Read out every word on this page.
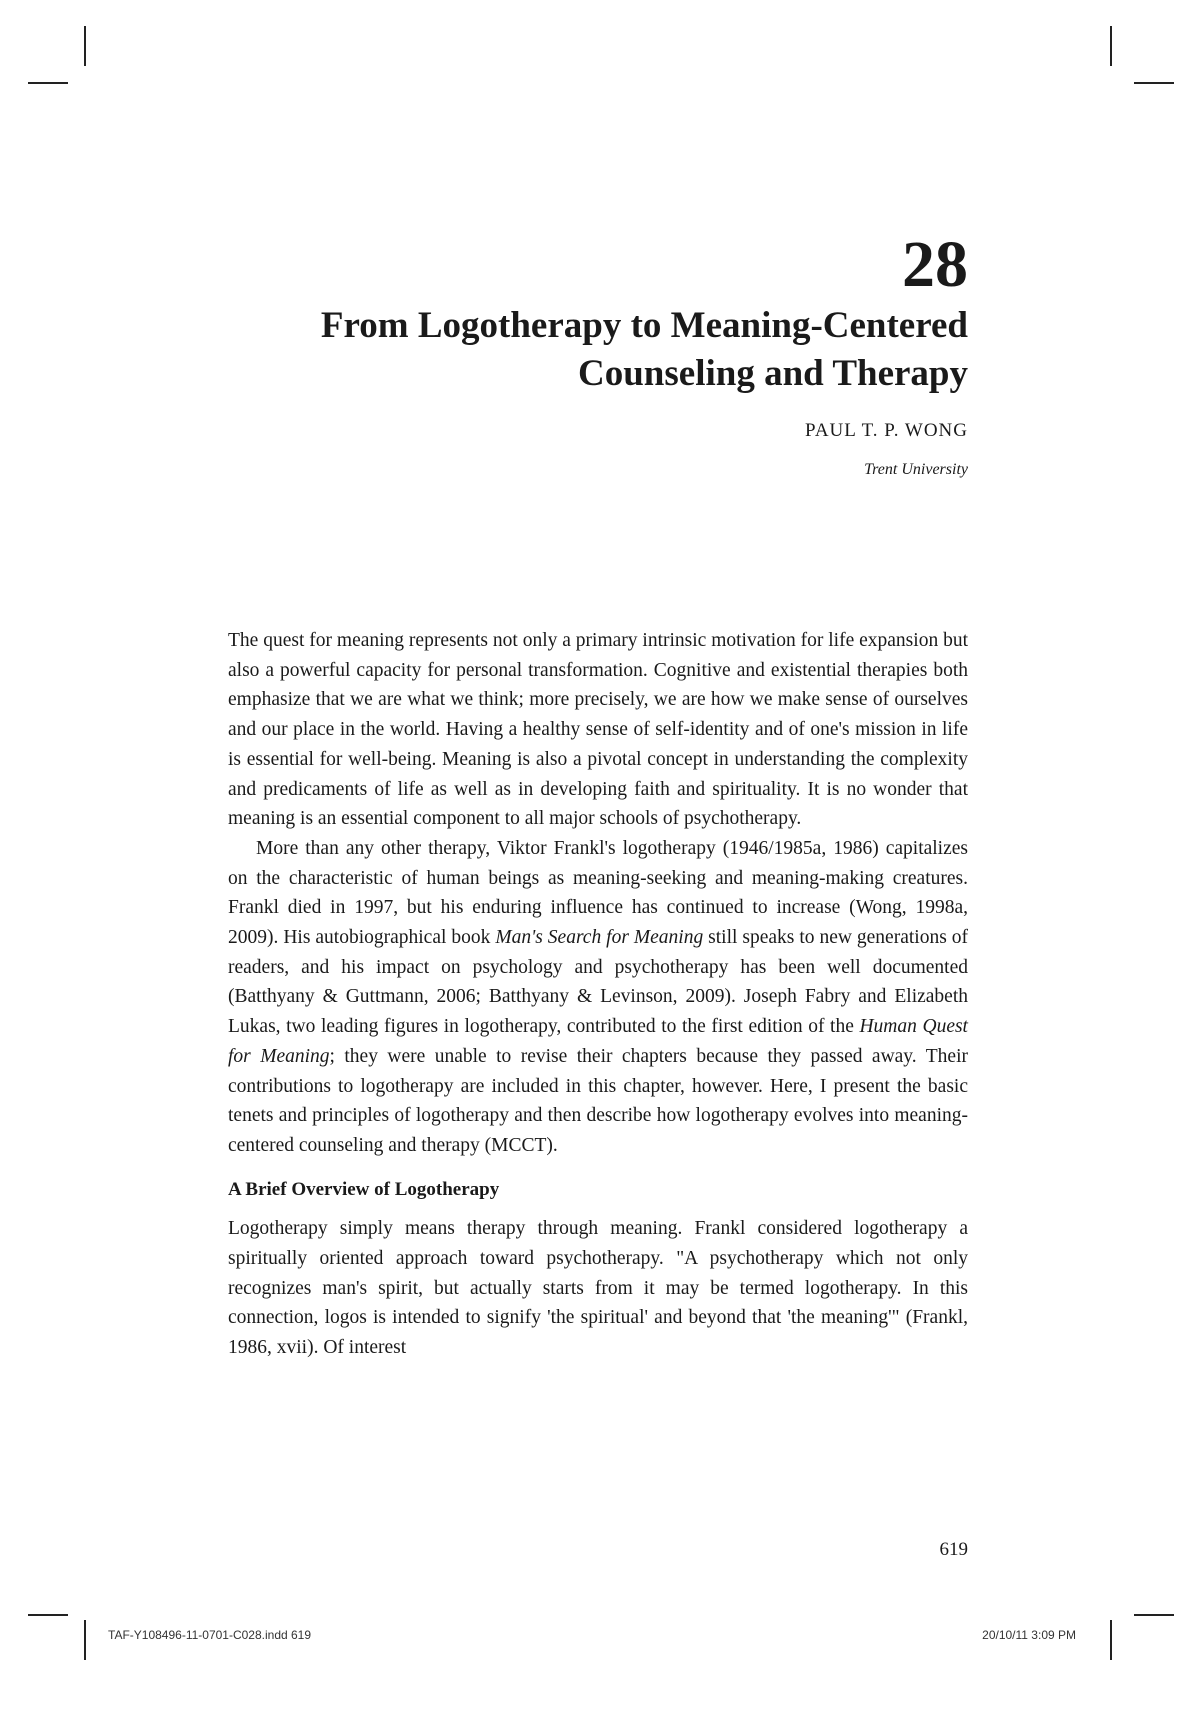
28
From Logotherapy to Meaning-Centered
Counseling and Therapy

PAUL T. P. WONG

Trent University

The quest for meaning represents not only a primary intrinsic motivation for life expansion but also a powerful capacity for personal transformation. Cognitive and existential therapies both emphasize that we are what we think; more precisely, we are how we make sense of ourselves and our place in the world. Having a healthy sense of self-identity and of one's mission in life is essential for well-being. Meaning is also a pivotal concept in understanding the complexity and predicaments of life as well as in developing faith and spirituality. It is no wonder that meaning is an essential component to all major schools of psychotherapy.

More than any other therapy, Viktor Frankl's logotherapy (1946/1985a, 1986) capitalizes on the characteristic of human beings as meaning-seeking and meaning-making creatures. Frankl died in 1997, but his enduring influence has continued to increase (Wong, 1998a, 2009). His autobiographical book Man's Search for Meaning still speaks to new generations of readers, and his impact on psychology and psychotherapy has been well documented (Batthyany & Guttmann, 2006; Batthyany & Levinson, 2009). Joseph Fabry and Elizabeth Lukas, two leading figures in logotherapy, contributed to the first edition of the Human Quest for Meaning; they were unable to revise their chapters because they passed away. Their contributions to logotherapy are included in this chapter, however. Here, I present the basic tenets and principles of logotherapy and then describe how logotherapy evolves into meaning-centered counseling and therapy (MCCT).

A Brief Overview of Logotherapy

Logotherapy simply means therapy through meaning. Frankl considered logotherapy a spiritually oriented approach toward psychotherapy. "A psychotherapy which not only recognizes man's spirit, but actually starts from it may be termed logotherapy. In this connection, logos is intended to signify 'the spiritual' and beyond that 'the meaning'" (Frankl, 1986, xvii). Of interest

619

TAF-Y108496-11-0701-C028.indd 619	20/10/11 3:09 PM
